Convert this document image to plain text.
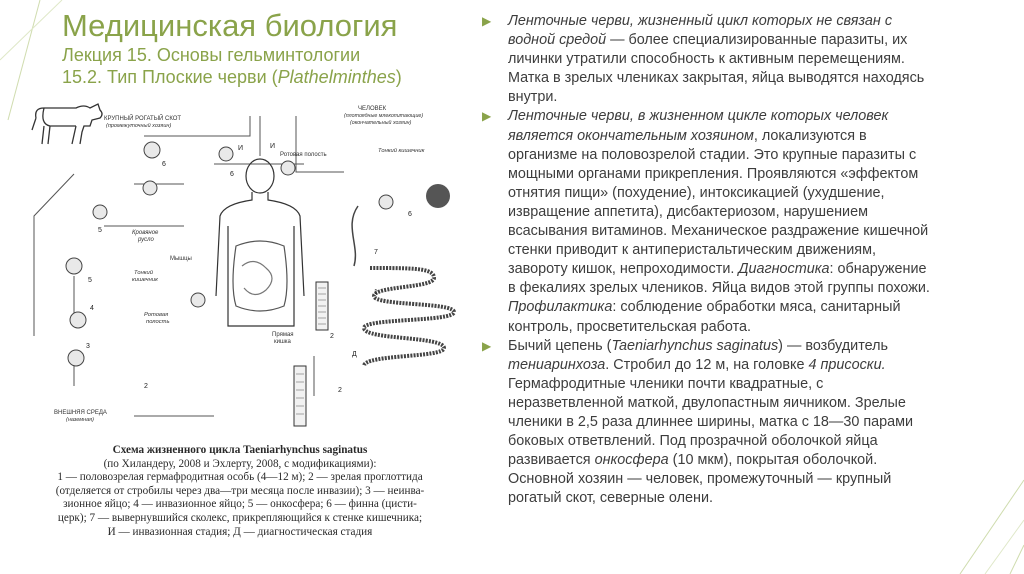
Медицинская биология
Лекция 15. Основы гельминтологии
15.2. Тип Плоские черви (Plathelminthes)
КРУПНЫЙ РОГАТЫЙ СКОТ
(промежуточный хозяин)
ЧЕЛОВЕК
(плотоядные млекопитающие)
(окончательный хозяин)
Ротовая полость
Мышцы
Кровяное
русло
Тонкий кишечник
Тонкий
кишечник
Ротовая
полость
Прямая
кишка
ВНЕШНЯЯ СРЕДА
(наземная)
1
2
2
2
3
4
5
5
6
6
6
7
И	И
Д
Схема жизненного цикла Taeniarhynchus saginatus
(по Хиландеру, 2008 и Эхлерту, 2008, с модификациями):
1 — половозрелая гермафродитная особь (4—12 м); 2 — зрелая проглоттида
(отделяется от стробилы через два—три месяца после инвазии); 3 — неинва-
зионное яйцо; 4 — инвазионное яйцо; 5 — онкосфера; 6 — финна (цисти-
церк); 7 — вывернувшийся сколекс, прикрепляющийся к стенке кишечника;
И — инвазионная стадия; Д — диагностическая стадия
▶ Ленточные черви, жизненный цикл которых не связан с
водной средой — более специализированные паразиты, их
личинки утратили способность к активным перемещениям.
Матка в зрелых члениках закрытая, яйца выводятся находясь
внутри.
▶ Ленточные черви, в жизненном цикле которых человек
является окончательным хозяином, локализуются в
организме на половозрелой стадии. Это крупные паразиты с
мощными органами прикрепления. Проявляются «эффектом
отнятия пищи» (похудение), интоксикацией (ухудшение,
извращение аппетита), дисбактериозом, нарушением
всасывания витаминов. Механическое раздражение кишечной
стенки приводит к антиперистальтическим движениям,
завороту кишок, непроходимости. Диагностика: обнаружение
в фекалиях зрелых члеников. Яйца видов этой группы похожи.
Профилактика: соблюдение обработки мяса, санитарный
контроль, просветительская работа.
▶ Бычий цепень (Taeniarhynchus saginatus) — возбудитель
тениаринхоза. Стробил до 12 м, на головке 4 присоски.
Гермафродитные членики почти квадратные, с
неразветвленной маткой, двулопастным яичником. Зрелые
членики в 2,5 раза длиннее ширины, матка с 18—30 парами
боковых ответвлений. Под прозрачной оболочкой яйца
развивается онкосфера (10 мкм), покрытая оболочкой.
Основной хозяин — человек, промежуточный — крупный
рогатый скот, северные олени.
